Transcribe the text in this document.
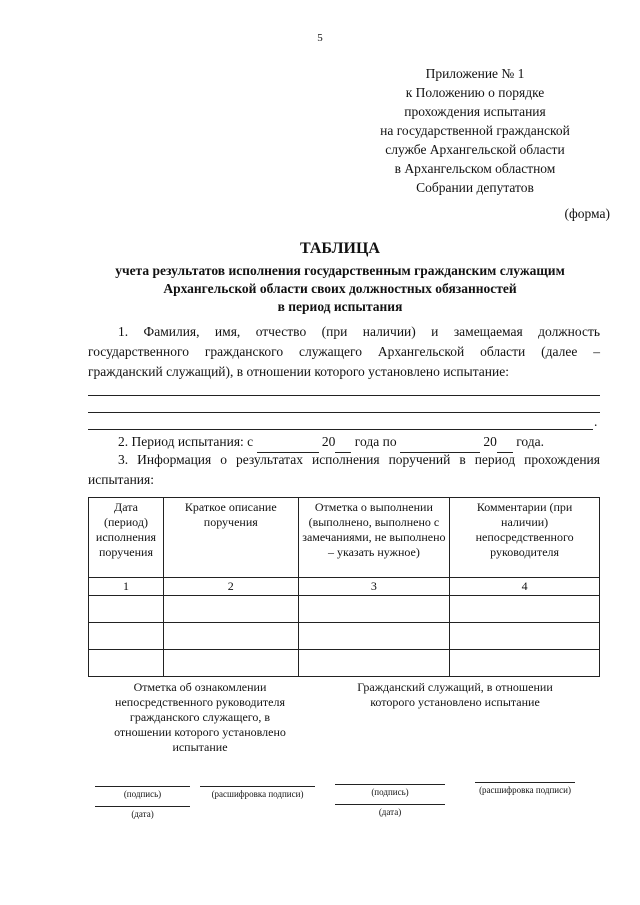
5
Приложение № 1
к Положению о порядке
прохождения испытания
на государственной гражданской
службе Архангельской области
в Архангельском областном
Собрании депутатов
(форма)
ТАБЛИЦА
учета результатов исполнения государственным гражданским служащим
Архангельской области своих должностных обязанностей
в период испытания
1. Фамилия, имя, отчество (при наличии) и замещаемая должность государственного гражданского служащего Архангельской области (далее – гражданский служащий), в отношении которого установлено испытание:
.
2. Период испытания: с	20 года по	20 года.
3. Информация о результатах исполнения поручений в период прохождения испытания:
Дата (период) исполнения поручения	Краткое описание поручения	Отметка о выполнении (выполнено, выполнено с замечаниями, не выполнено – указать нужное)	Комментарии (при наличии) непосредственного руководителя
1	2	3	4

Отметка об ознакомлении непосредственного руководителя гражданского служащего, в отношении которого установлено испытание
Гражданский служащий, в отношении которого установлено испытание
(подпись)	(расшифровка подписи)
(дата)
(подпись)	(расшифровка подписи)
(дата)
